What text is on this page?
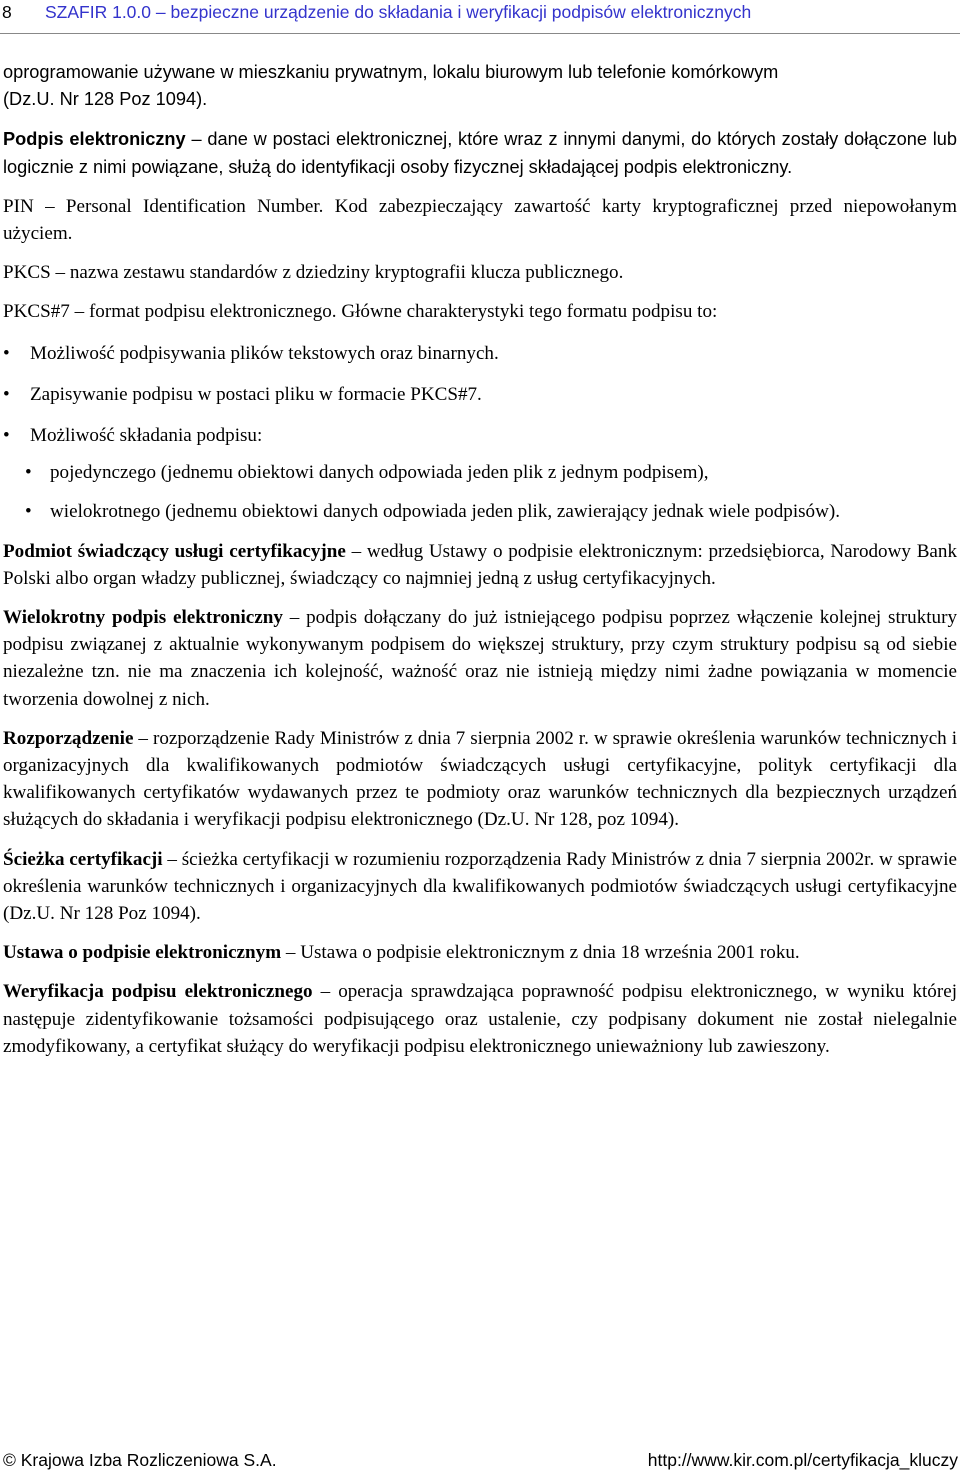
8 SZAFIR 1.0.0 – bezpieczne urządzenie do składania i weryfikacji podpisów elektronicznych

oprogramowanie używane w mieszkaniu prywatnym, lokalu biurowym lub telefonie komórkowym

(Dz.U. Nr 128 Poz 1094).

Podpis elektroniczny – dane w postaci elektronicznej, które wraz z innymi danymi, do których zostały dołączone lub logicznie z nimi powiązane, służą do identyfikacji osoby fizycznej składającej podpis elektroniczny.

PIN – Personal Identification Number. Kod zabezpieczający zawartość karty kryptograficznej przed niepowołanym użyciem.

PKCS – nazwa zestawu standardów z dziedziny kryptografii klucza publicznego.

PKCS#7 – format podpisu elektronicznego. Główne charakterystyki tego formatu podpisu to:

• Możliwość podpisywania plików tekstowych oraz binarnych.
• Zapisywanie podpisu w postaci pliku w formacie PKCS#7.
• Możliwość składania podpisu:
• pojedynczego (jednemu obiektowi danych odpowiada jeden plik z jednym podpisem),
• wielokrotnego (jednemu obiektowi danych odpowiada jeden plik, zawierający jednak wiele podpisów).

Podmiot świadczący usługi certyfikacyjne – według Ustawy o podpisie elektronicznym: przedsiębiorca, Narodowy Bank Polski albo organ władzy publicznej, świadczący co najmniej jedną z usług certyfikacyjnych.

Wielokrotny podpis elektroniczny – podpis dołączany do już istniejącego podpisu poprzez włączenie kolejnej struktury podpisu związanej z aktualnie wykonywanym podpisem do większej struktury, przy czym struktury podpisu są od siebie niezależne tzn. nie ma znaczenia ich kolejność, ważność oraz nie istnieją między nimi żadne powiązania w momencie tworzenia dowolnej z nich.

Rozporządzenie – rozporządzenie Rady Ministrów z dnia 7 sierpnia 2002 r. w sprawie określenia warunków technicznych i organizacyjnych dla kwalifikowanych podmiotów świadczących usługi certyfikacyjne, polityk certyfikacji dla kwalifikowanych certyfikatów wydawanych przez te podmioty oraz warunków technicznych dla bezpiecznych urządzeń służących do składania i weryfikacji podpisu elektronicznego (Dz.U. Nr 128, poz 1094).

Ścieżka certyfikacji – ścieżka certyfikacji w rozumieniu rozporządzenia Rady Ministrów z dnia 7 sierpnia 2002r. w sprawie określenia warunków technicznych i organizacyjnych dla kwalifikowanych podmiotów świadczących usługi certyfikacyjne (Dz.U. Nr 128 Poz 1094).

Ustawa o podpisie elektronicznym – Ustawa o podpisie elektronicznym z dnia 18 września 2001 roku.

Weryfikacja podpisu elektronicznego – operacja sprawdzająca poprawność podpisu elektronicznego, w wyniku której następuje zidentyfikowanie tożsamości podpisującego oraz ustalenie, czy podpisany dokument nie został nielegalnie zmodyfikowany, a certyfikat służący do weryfikacji podpisu elektronicznego unieważniony lub zawieszony.

© Krajowa Izba Rozliczeniowa S.A.	http://www.kir.com.pl/certyfikacja_kluczy
